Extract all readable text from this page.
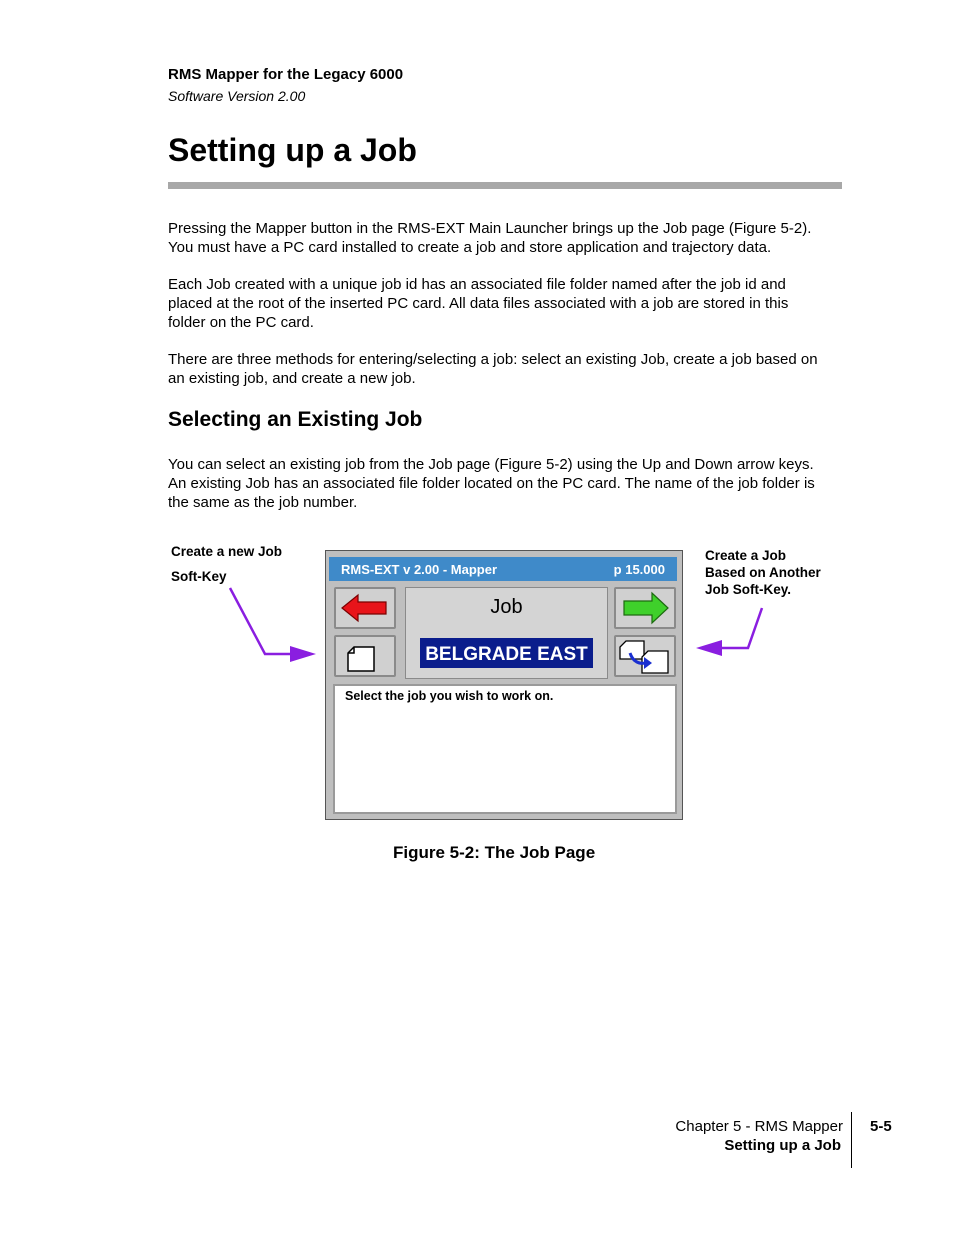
RMS Mapper for the Legacy 6000
Software Version 2.00
Setting up a Job

Pressing the Mapper button in the RMS-EXT Main Launcher brings up the Job page (Figure 5-2).
You must have a PC card installed to create a job and store application and trajectory data.

Each Job created with a unique job id has an associated file folder named after the job id and
placed at the root of the inserted PC card. All data files associated with a job are stored in this
folder on the PC card.

There are three methods for entering/selecting a job: select an existing Job, create a job based on
an existing job, and create a new job.

Selecting an Existing Job

You can select an existing job from the Job page (Figure 5-2) using the Up and Down arrow keys.
An existing Job has an associated file folder located on the PC card. The name of the job folder is
the same as the job number.

Create a new Job
Soft-Key
Create a Job
Based on Another
Job Soft-Key.
RMS-EXT v 2.00 - Mapper	p 15.000
Job
BELGRADE EAST
Select the job you wish to work on.
Figure 5-2: The Job Page
Chapter 5 - RMS Mapper
Setting up a Job
5-5
